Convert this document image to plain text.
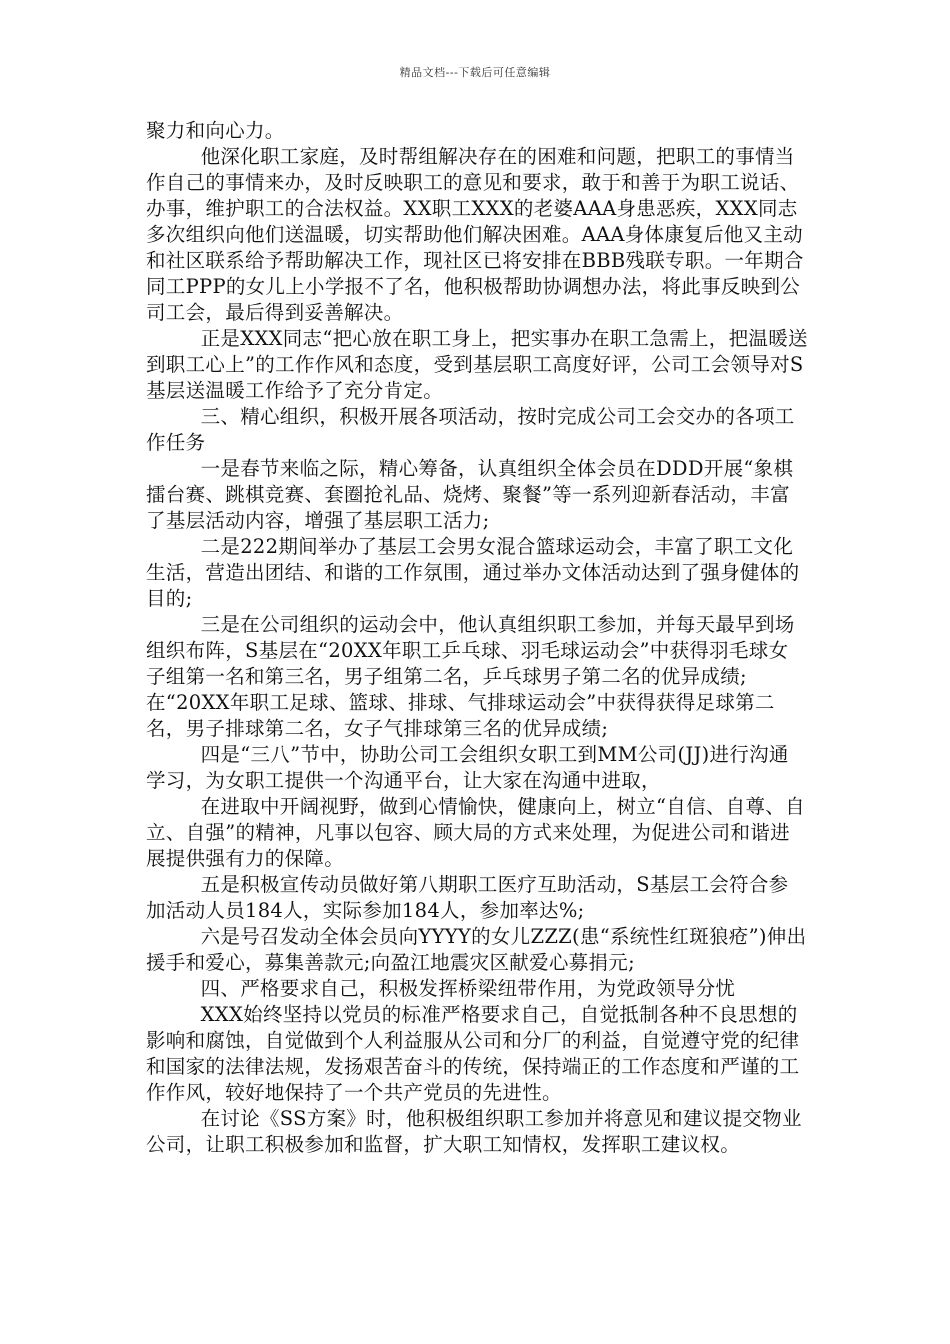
精品文档---下载后可任意编辑

聚力和向心力。

他深化职工家庭，及时帮组解决存在的困难和问题，把职工的事情当作自己的事情来办，及时反映职工的意见和要求，敢于和善于为职工说话、办事，维护职工的合法权益。XX职工XXX的老婆AAA身患恶疾，XXX同志多次组织向他们送温暖，切实帮助他们解决困难。AAA身体康复后他又主动和社区联系给予帮助解决工作，现社区已将安排在BBB残联专职。一年期合同工PPP的女儿上小学报不了名，他积极帮助协调想办法，将此事反映到公司工会，最后得到妥善解决。

正是XXX同志“把心放在职工身上，把实事办在职工急需上，把温暖送到职工心上”的工作作风和态度，受到基层职工高度好评，公司工会领导对S基层送温暖工作给予了充分肯定。

三、精心组织，积极开展各项活动，按时完成公司工会交办的各项工作任务

一是春节来临之际，精心筹备，认真组织全体会员在DDD开展“象棋擂台赛、跳棋竞赛、套圈抢礼品、烧烤、聚餐”等一系列迎新春活动，丰富了基层活动内容，增强了基层职工活力;

二是222期间举办了基层工会男女混合篮球运动会，丰富了职工文化生活，营造出团结、和谐的工作氛围，通过举办文体活动达到了强身健体的目的;

三是在公司组织的运动会中，他认真组织职工参加，并每天最早到场组织布阵，S基层在“20XX年职工乒乓球、羽毛球运动会”中获得羽毛球女子组第一名和第三名，男子组第二名，乒乓球男子第二名的优异成绩;在“20XX年职工足球、篮球、排球、气排球运动会”中获得获得足球第二名，男子排球第二名，女子气排球第三名的优异成绩;

四是“三八”节中，协助公司工会组织女职工到MM公司(JJ)进行沟通学习，为女职工提供一个沟通平台，让大家在沟通中进取，

在进取中开阔视野，做到心情愉快，健康向上，树立“自信、自尊、自立、自强”的精神，凡事以包容、顾大局的方式来处理，为促进公司和谐进展提供强有力的保障。

五是积极宣传动员做好第八期职工医疗互助活动，S基层工会符合参加活动人员184人，实际参加184人，参加率达%;

六是号召发动全体会员向YYYY的女儿ZZZ(患“系统性红斑狼疮”)伸出援手和爱心，募集善款元;向盈江地震灾区献爱心募捐元;

四、严格要求自己，积极发挥桥梁纽带作用，为党政领导分忧

XXX始终坚持以党员的标准严格要求自己，自觉抵制各种不良思想的影响和腐蚀，自觉做到个人利益服从公司和分厂的利益，自觉遵守党的纪律和国家的法律法规，发扬艰苦奋斗的传统，保持端正的工作态度和严谨的工作作风，较好地保持了一个共产党员的先进性。

在讨论《SS方案》时，他积极组织职工参加并将意见和建议提交物业公司，让职工积极参加和监督，扩大职工知情权，发挥职工建议权。
